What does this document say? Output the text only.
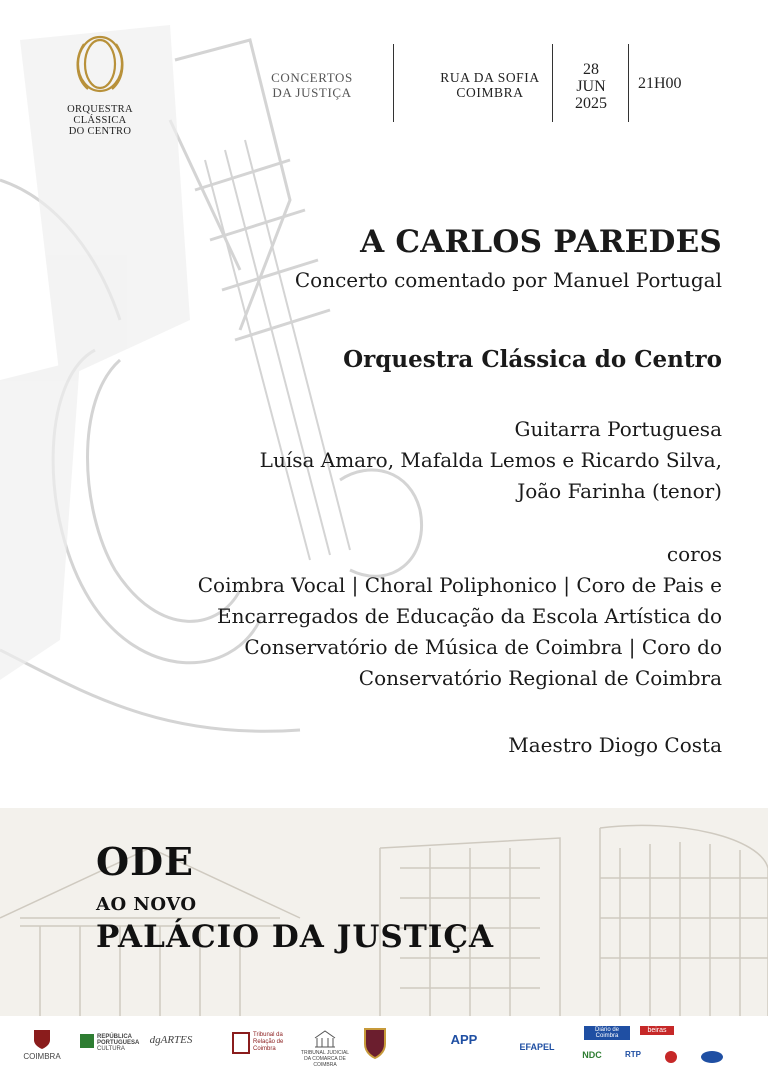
ORQUESTRA
CLÁSSICA
DO CENTRO
CONCERTOS
DA JUSTIÇA
RUA DA SOFIA
COIMBRA
28
JUN
2025
21H00
A CARLOS PAREDES
Concerto comentado por Manuel Portugal
Orquestra Clássica do Centro
Guitarra Portuguesa
Luísa Amaro, Mafalda Lemos e Ricardo Silva,
João Farinha (tenor)
coros
Coimbra Vocal | Choral Poliphonico | Coro de Pais e
Encarregados de Educação da Escola Artística do
Conservatório de Música de Coimbra | Coro do
Conservatório Regional de Coimbra
Maestro Diogo Costa
ODE
AO NOVO
PALÁCIO DA JUSTIÇA
COIMBRA
REPÚBLICA PORTUGUESA
CULTURA
dgARTES	Tribunal da Relação de Coimbra
TRIBUNAL JUDICIAL DA COMARCA DE COIMBRA
APP	EFAPEL
Diário de Coimbra
beiras
NDC	RTP
